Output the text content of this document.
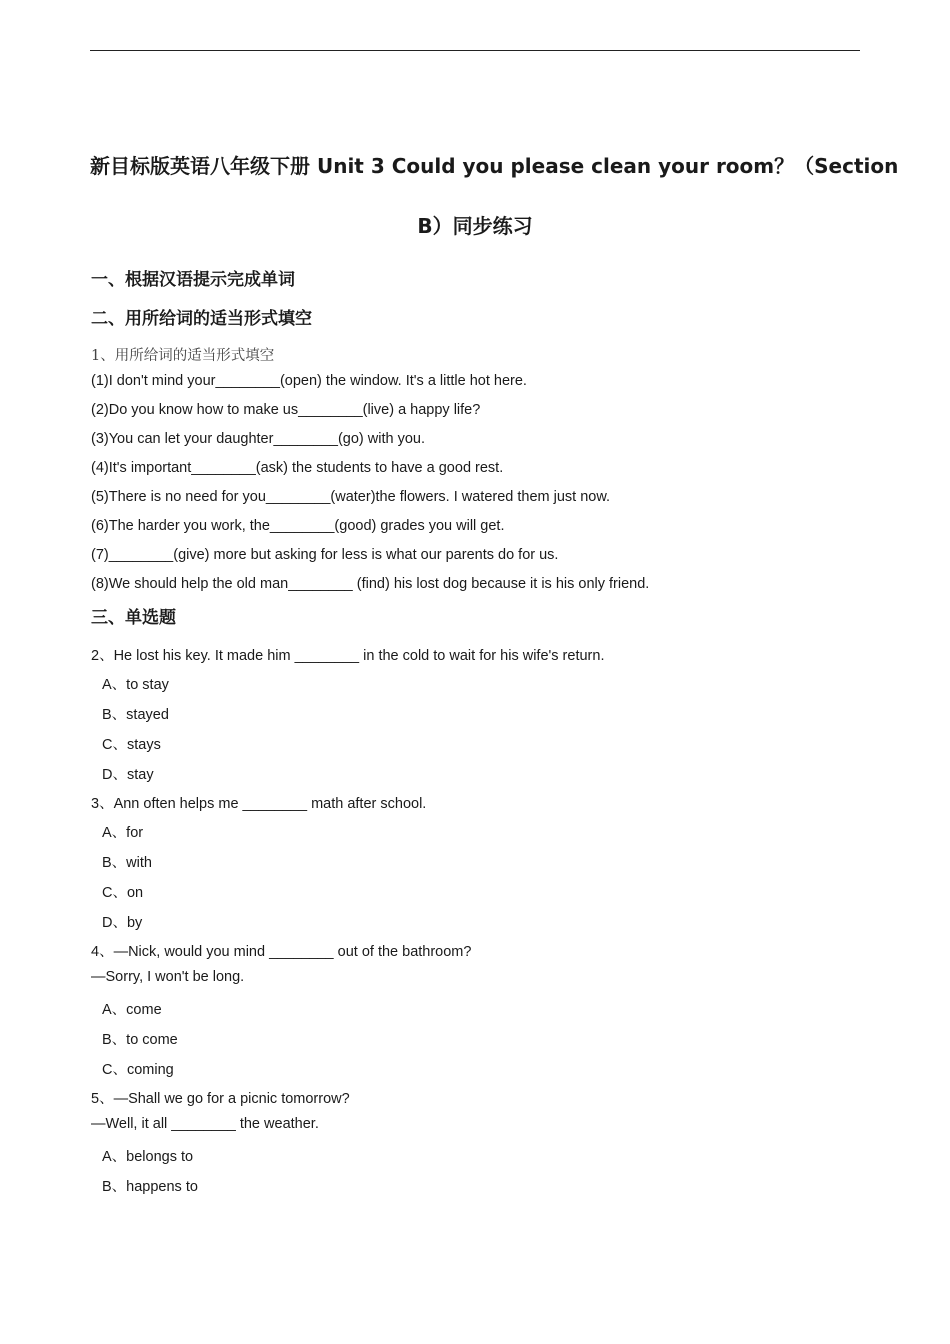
新目标版英语八年级下册 Unit 3 Could you please clean your room？（Section
B）同步练习
一、根据汉语提示完成单词
二、用所给词的适当形式填空
1、用所给词的适当形式填空
(1)I don't mind your________(open) the window. It's a little hot here.
(2)Do you know how to make us________(live) a happy life?
(3)You can let your daughter________(go) with you.
(4)It's important________(ask) the students to have a good rest.
(5)There is no need for you________(water)the flowers. I watered them just now.
(6)The harder you work, the________(good) grades you will get.
(7)________(give) more but asking for less is what our parents do for us.
(8)We should help the old man________ (find) his lost dog because it is his only friend.
三、单选题
2、He lost his key. It made him ________ in the cold to wait for his wife's return.
A、to stay
B、stayed
C、stays
D、stay
3、Ann often helps me ________ math after school.
A、for
B、with
C、on
D、by
4、—Nick, would you mind ________ out of the bathroom?
—Sorry, I won't be long.
A、come
B、to come
C、coming
5、—Shall we go for a picnic tomorrow?
—Well, it all ________ the weather.
A、belongs to
B、happens to
